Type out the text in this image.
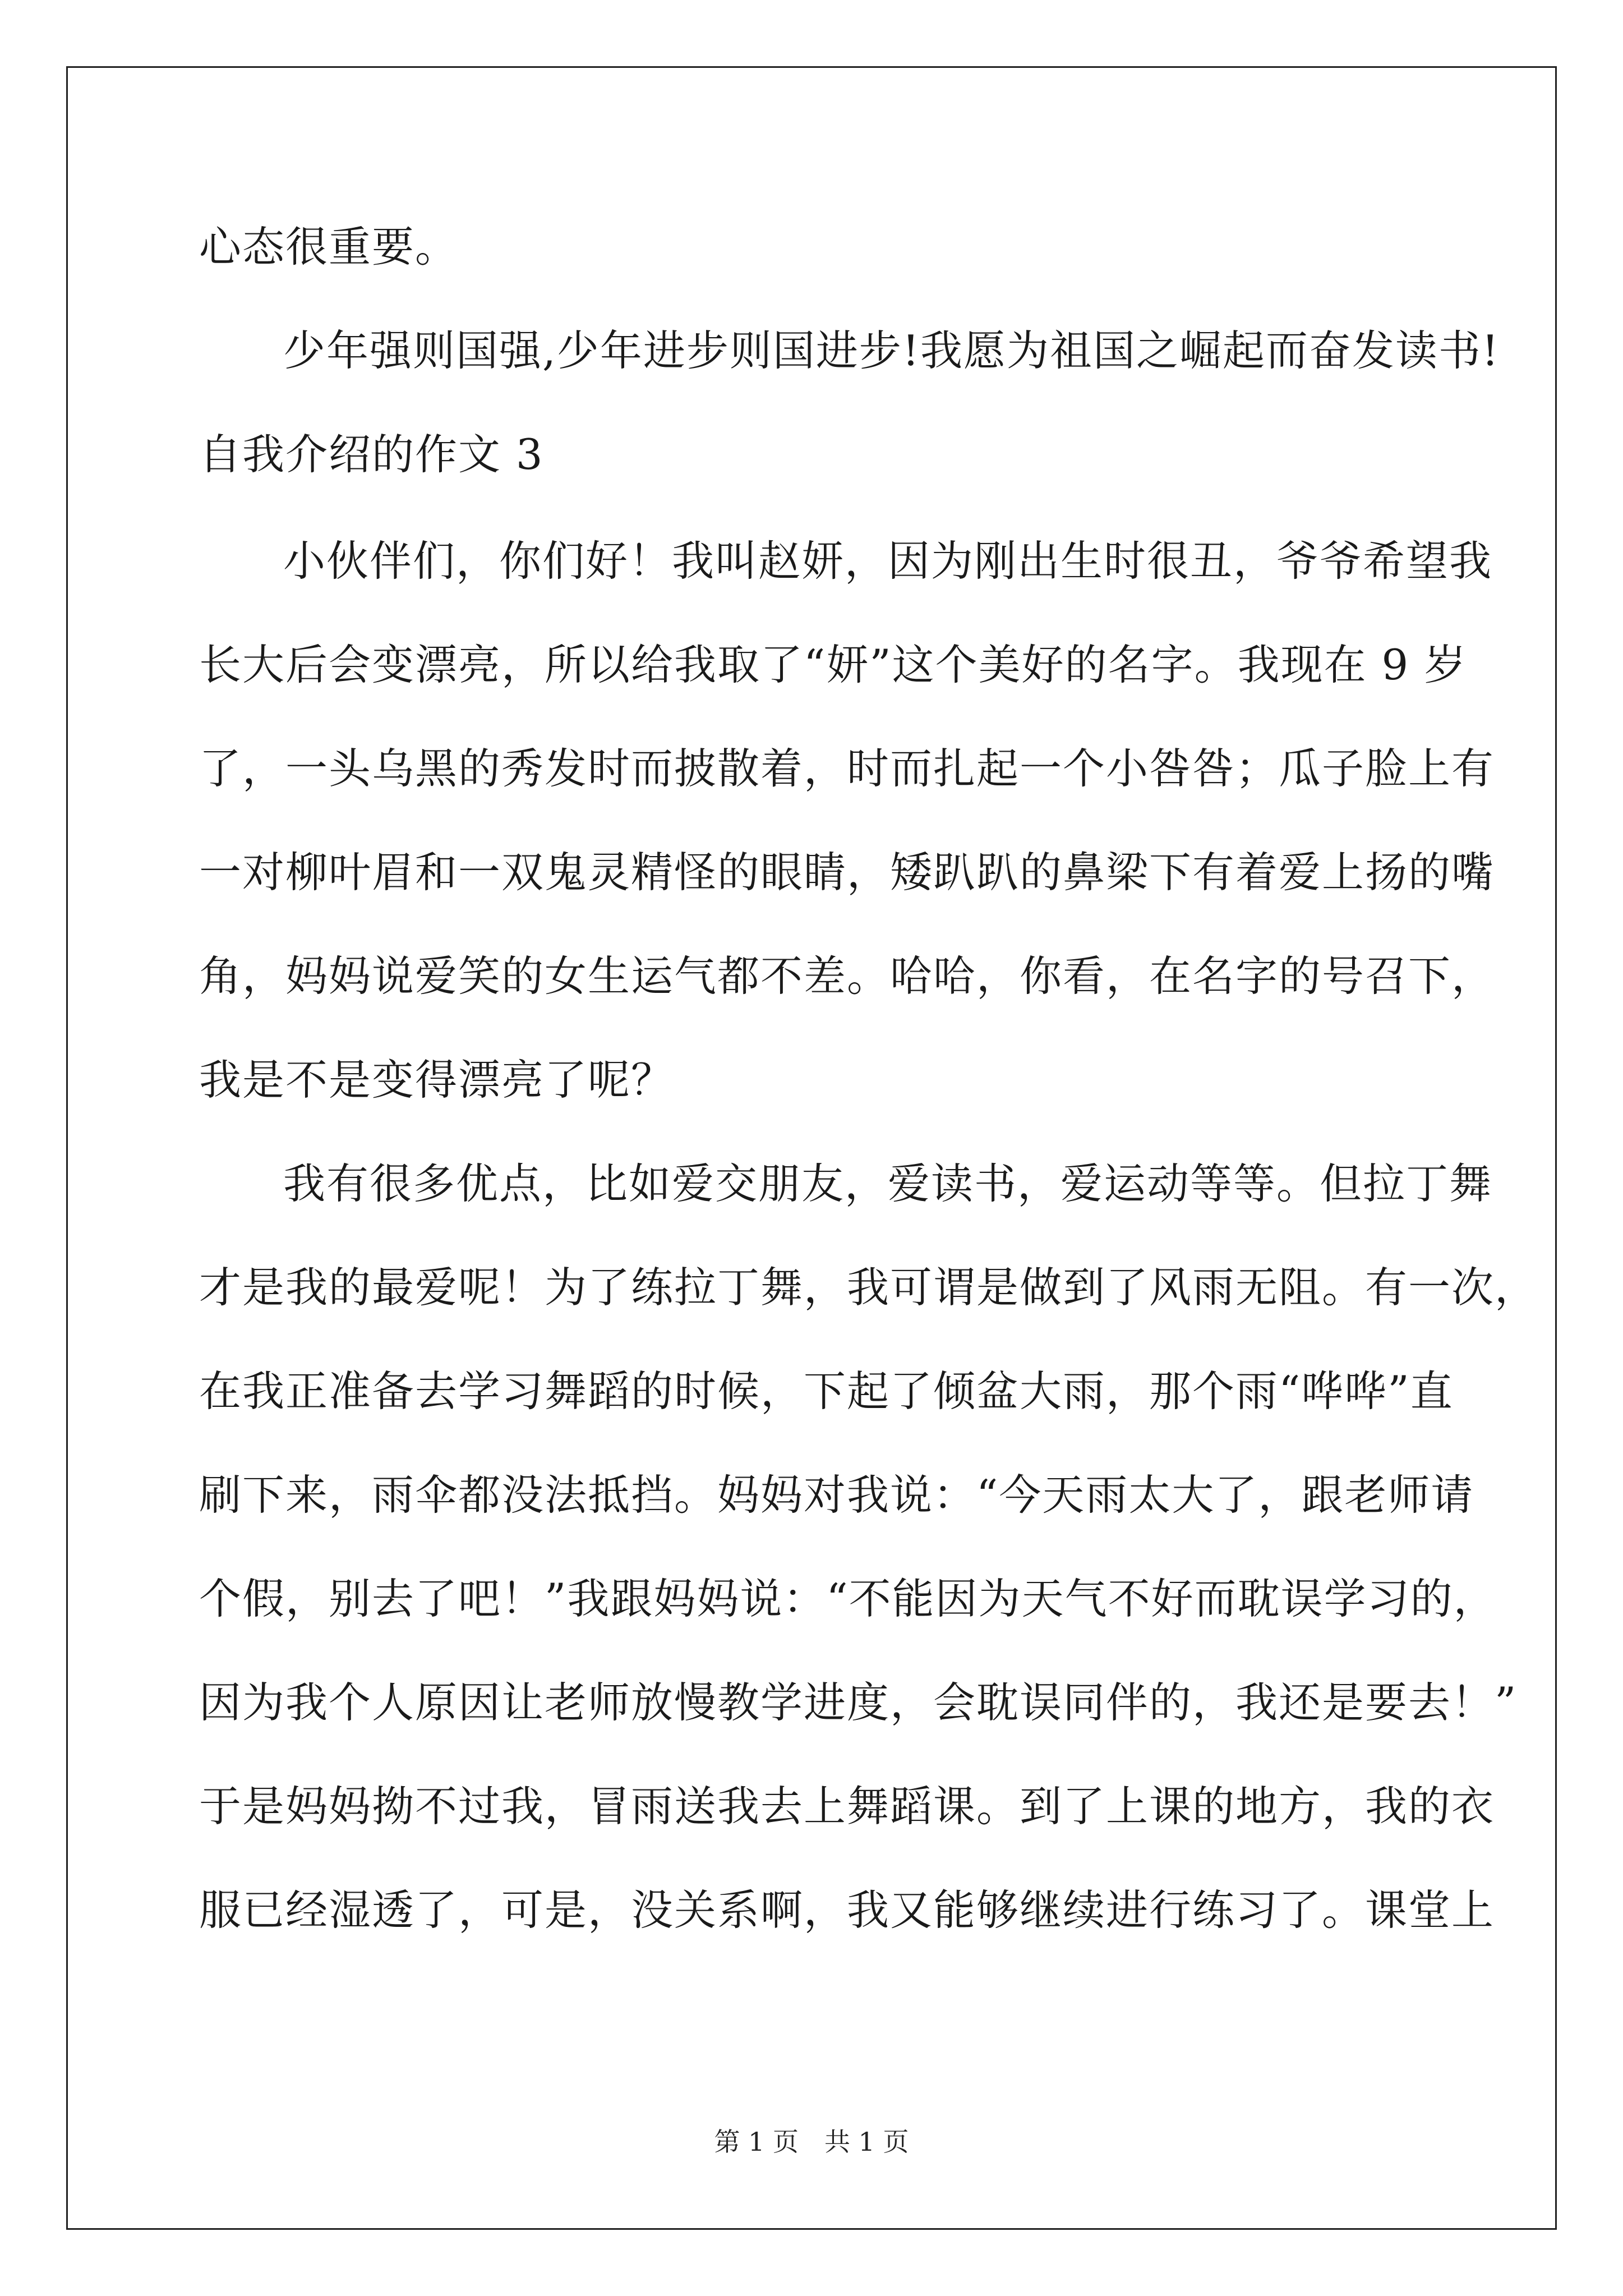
心态很重要。
少年强则国强,少年进步则国进步!我愿为祖国之崛起而奋发读书!
自我介绍的作文 3
小伙伴们，你们好！我叫赵妍，因为刚出生时很丑，爷爷希望我
长大后会变漂亮，所以给我取了“妍”这个美好的名字。我现在 9 岁
了，一头乌黑的秀发时而披散着，时而扎起一个小咎咎；瓜子脸上有
一对柳叶眉和一双鬼灵精怪的眼睛，矮趴趴的鼻梁下有着爱上扬的嘴
角，妈妈说爱笑的女生运气都不差。哈哈，你看，在名字的号召下，
我是不是变得漂亮了呢？
我有很多优点，比如爱交朋友，爱读书，爱运动等等。但拉丁舞
才是我的最爱呢！为了练拉丁舞，我可谓是做到了风雨无阻。有一次，
在我正准备去学习舞蹈的时候，下起了倾盆大雨，那个雨“哗哗”直
刷下来，雨伞都没法抵挡。妈妈对我说：“今天雨太大了，跟老师请
个假，别去了吧！”我跟妈妈说：“不能因为天气不好而耽误学习的，
因为我个人原因让老师放慢教学进度，会耽误同伴的，我还是要去！”
于是妈妈拗不过我，冒雨送我去上舞蹈课。到了上课的地方，我的衣
服已经湿透了，可是，没关系啊，我又能够继续进行练习了。课堂上
第 1 页　共 1 页
